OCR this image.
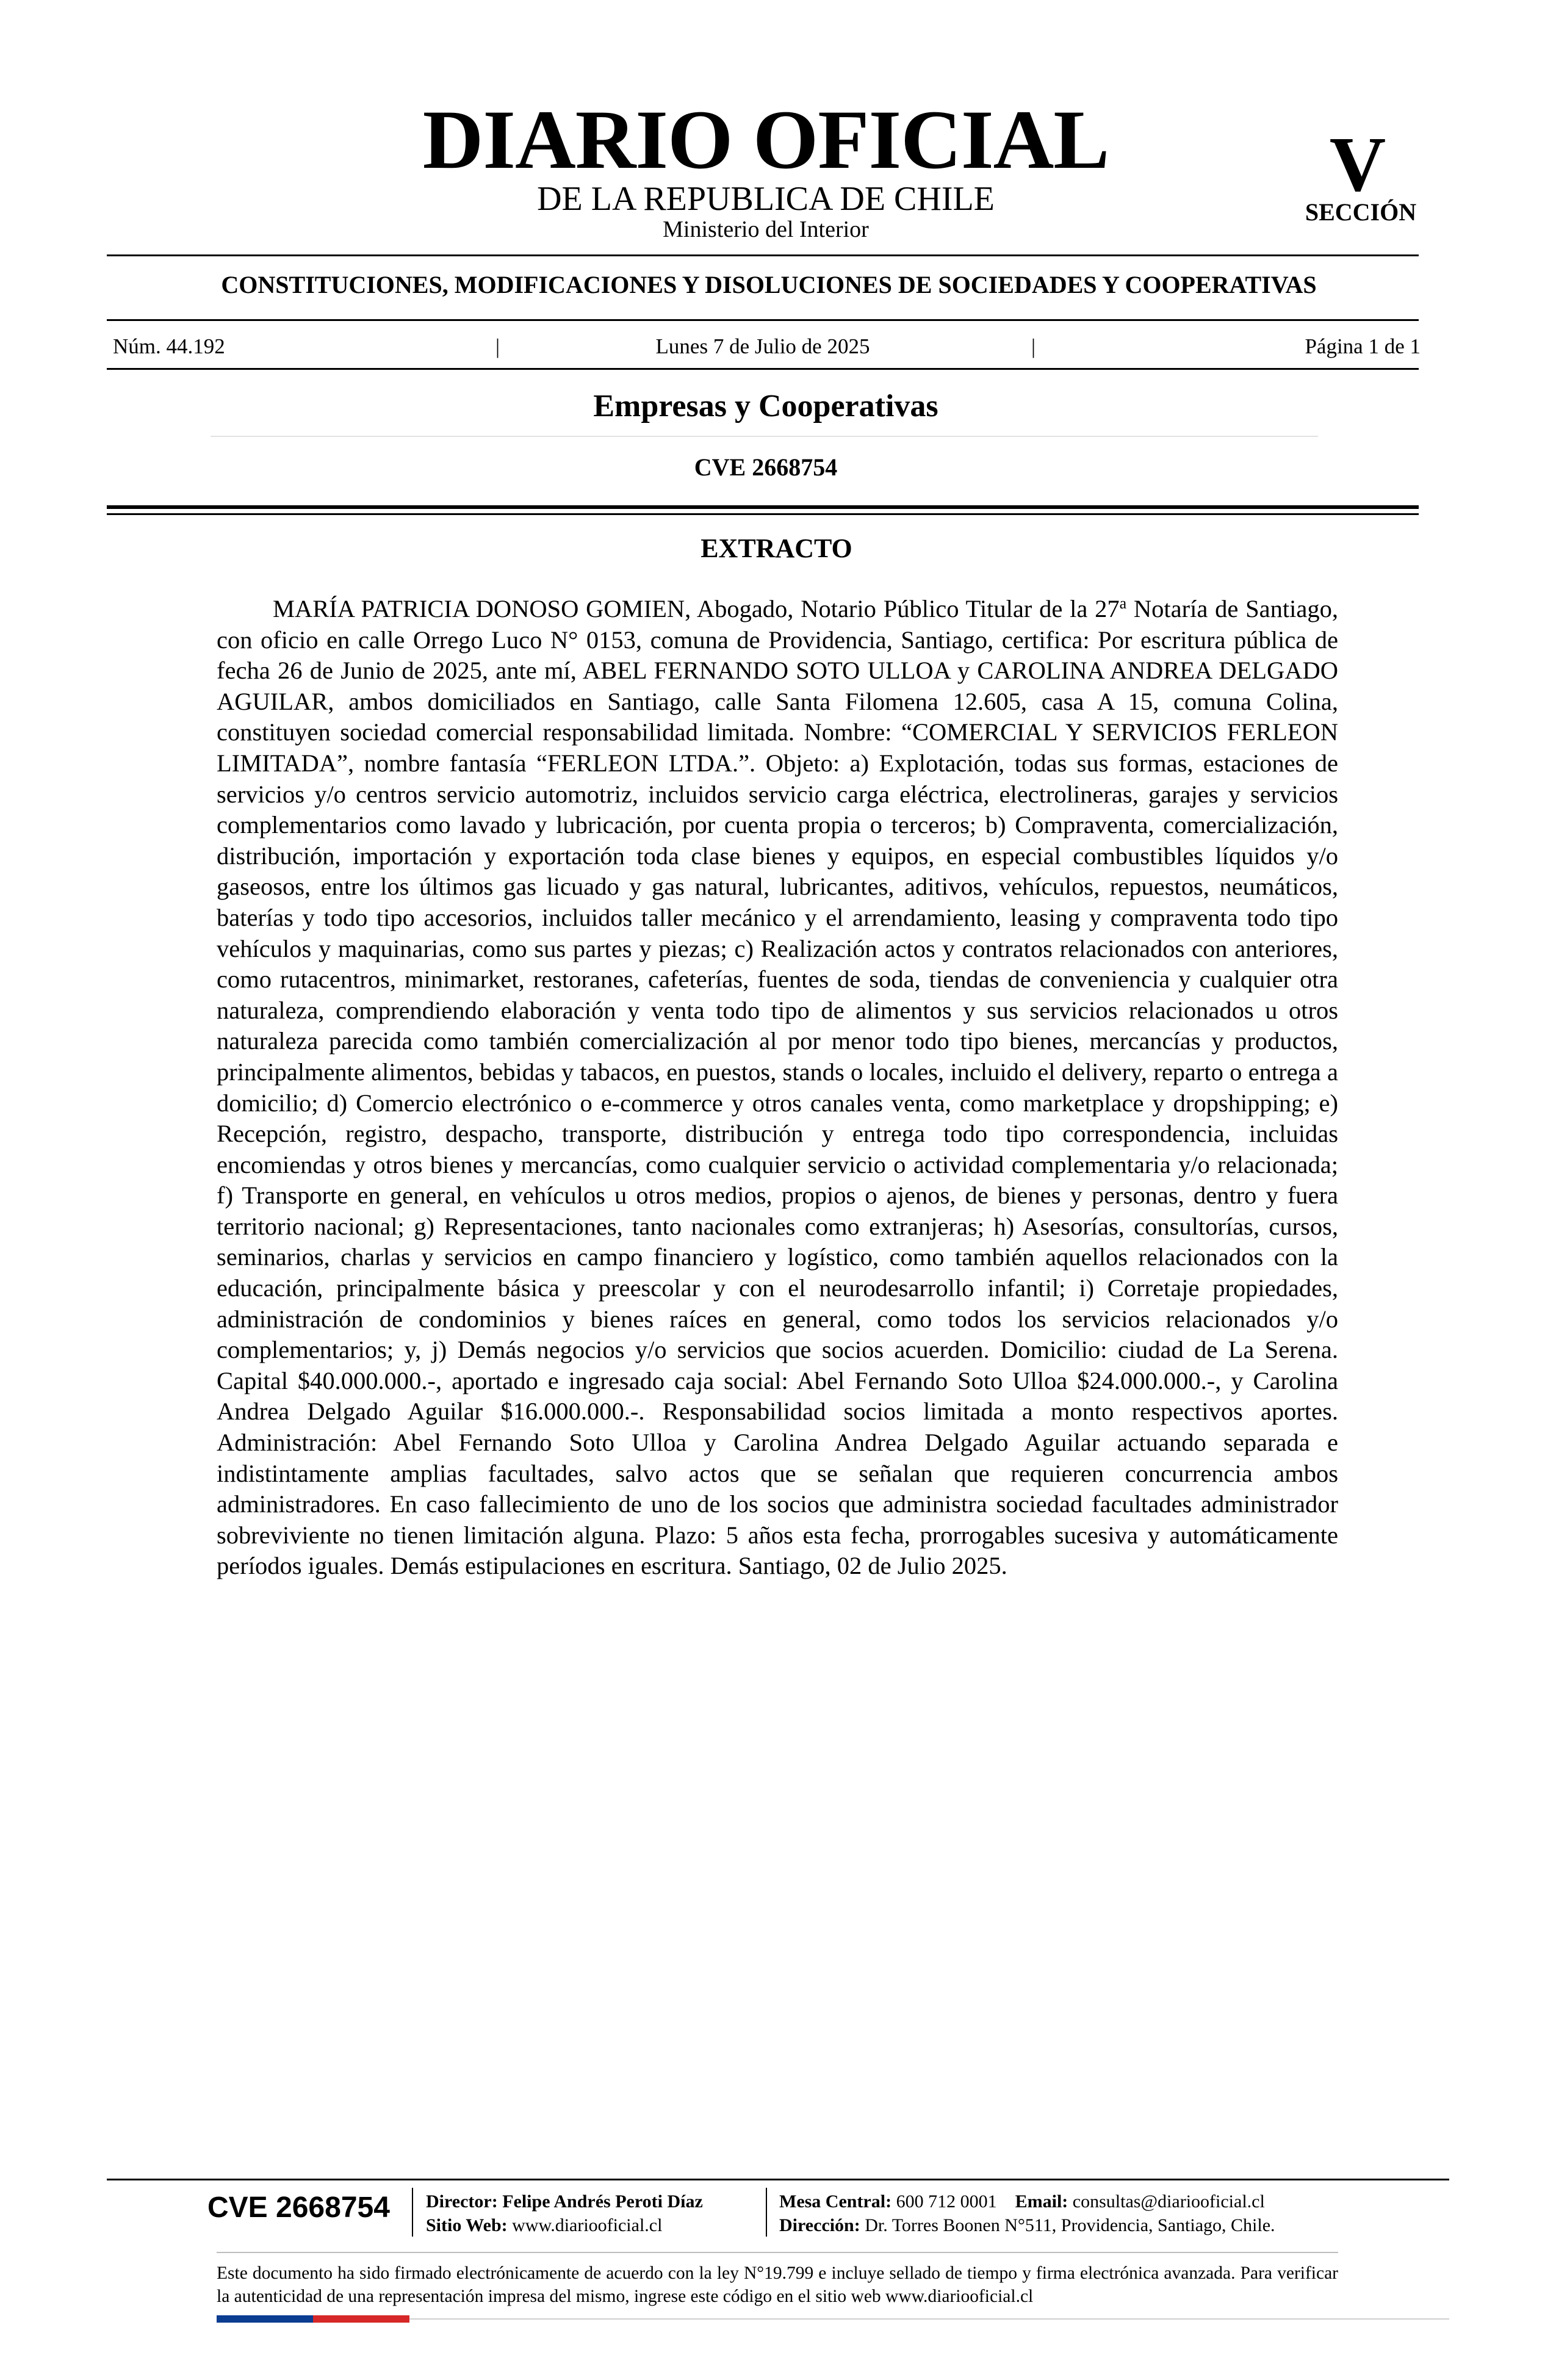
DIARIO OFICIAL
DE LA REPUBLICA DE CHILE
Ministerio del Interior
V
SECCIÓN
CONSTITUCIONES, MODIFICACIONES Y DISOLUCIONES DE SOCIEDADES Y COOPERATIVAS
Núm. 44.192	|	Lunes 7 de Julio de 2025	|	Página 1 de 1
Empresas y Cooperativas
CVE 2668754
EXTRACTO
MARÍA PATRICIA DONOSO GOMIEN, Abogado, Notario Público Titular de la 27$^a$ Notaría de Santiago, con oficio en calle Orrego Luco N° 0153, comuna de Providencia, Santiago, certifica: Por escritura pública de fecha 26 de Junio de 2025, ante mí, ABEL FERNANDO SOTO ULLOA y CAROLINA ANDREA DELGADO AGUILAR, ambos domiciliados en Santiago, calle Santa Filomena 12.605, casa A 15, comuna Colina, constituyen sociedad comercial responsabilidad limitada. Nombre: “COMERCIAL Y SERVICIOS FERLEON LIMITADA”, nombre fantasía “FERLEON LTDA.”. Objeto: a) Explotación, todas sus formas, estaciones de servicios y/o centros servicio automotriz, incluidos servicio carga eléctrica, electrolineras, garajes y servicios complementarios como lavado y lubricación, por cuenta propia o terceros; b) Compraventa, comercialización, distribución, importación y exportación toda clase bienes y equipos, en especial combustibles líquidos y/o gaseosos, entre los últimos gas licuado y gas natural, lubricantes, aditivos, vehículos, repuestos, neumáticos, baterías y todo tipo accesorios, incluidos taller mecánico y el arrendamiento, leasing y compraventa todo tipo vehículos y maquinarias, como sus partes y piezas; c) Realización actos y contratos relacionados con anteriores, como rutacentros, minimarket, restoranes, cafeterías, fuentes de soda, tiendas de conveniencia y cualquier otra naturaleza, comprendiendo elaboración y venta todo tipo de alimentos y sus servicios relacionados u otros naturaleza parecida como también comercialización al por menor todo tipo bienes, mercancías y productos, principalmente alimentos, bebidas y tabacos, en puestos, stands o locales, incluido el delivery, reparto o entrega a domicilio; d) Comercio electrónico o e-commerce y otros canales venta, como marketplace y dropshipping; e) Recepción, registro, despacho, transporte, distribución y entrega todo tipo correspondencia, incluidas encomiendas y otros bienes y mercancías, como cualquier servicio o actividad complementaria y/o relacionada; f) Transporte en general, en vehículos u otros medios, propios o ajenos, de bienes y personas, dentro y fuera territorio nacional; g) Representaciones, tanto nacionales como extranjeras; h) Asesorías, consultorías, cursos, seminarios, charlas y servicios en campo financiero y logístico, como también aquellos relacionados con la educación, principalmente básica y preescolar y con el neurodesarrollo infantil; i) Corretaje propiedades, administración de condominios y bienes raíces en general, como todos los servicios relacionados y/o complementarios; y, j) Demás negocios y/o servicios que socios acuerden. Domicilio: ciudad de La Serena. Capital $40.000.000.-, aportado e ingresado caja social: Abel Fernando Soto Ulloa $24.000.000.-, y Carolina Andrea Delgado Aguilar $16.000.000.-. Responsabilidad socios limitada a monto respectivos aportes. Administración: Abel Fernando Soto Ulloa y Carolina Andrea Delgado Aguilar actuando separada e indistintamente amplias facultades, salvo actos que se señalan que requieren concurrencia ambos administradores. En caso fallecimiento de uno de los socios que administra sociedad facultades administrador sobreviviente no tienen limitación alguna. Plazo: 5 años esta fecha, prorrogables sucesiva y automáticamente períodos iguales. Demás estipulaciones en escritura. Santiago, 02 de Julio 2025.
CVE 2668754 Director: Felipe Andrés Peroti Díaz
Sitio Web: www.diariooficial.cl
Mesa Central: 600 712 0001 Email: consultas@diariooficial.cl
Dirección: Dr. Torres Boonen N°511, Providencia, Santiago, Chile.
Este documento ha sido firmado electrónicamente de acuerdo con la ley N°19.799 e incluye sellado de tiempo y firma electrónica avanzada. Para verificar la autenticidad de una representación impresa del mismo, ingrese este código en el sitio web www.diariooficial.cl
